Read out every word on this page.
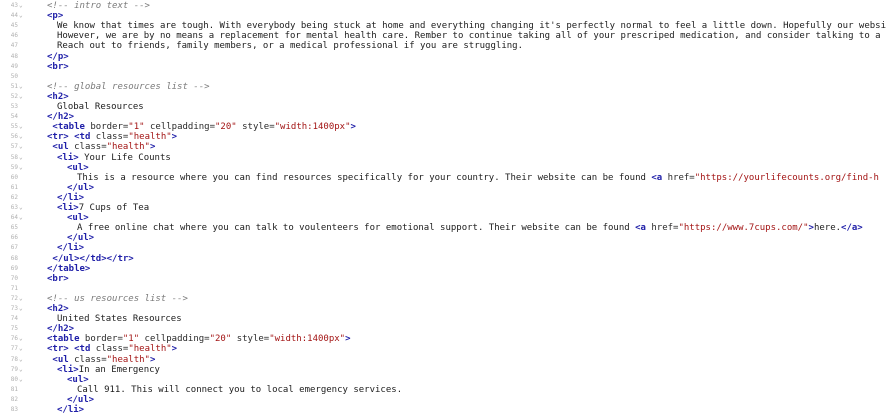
43 ⌄	<!-- intro text -->
44 ⌄	<p>
45	We know that times are tough. With everybody being stuck at home and everything changing it's perfectly normal to feel a little down. Hopefully our websi
46	However, we are by no means a replacement for mental health care. Rember to continue taking all of your prescriped medication, and consider talking to a
47	Reach out to friends, family members, or a medical professional if you are struggling.
48	</p>
49	<br>
50
51 ⌄	<!-- global resources list -->
52 ⌄	<h2>
53	Global Resources
54	</h2>
55 ⌄	<table border="1" cellpadding="20" style="width:1400px">
56 ⌄	<tr> <td class="health">
57 ⌄	<ul class="health">
58 ⌄	<li> Your Life Counts
59 ⌄	<ul>
60	This is a resource where you can find resources specifically for your country. Their website can be found <a href="https://yourlifecounts.org/find-h
61	</ul>
62	</li>
63 ⌄	<li>7 Cups of Tea
64 ⌄	<ul>
65	A free online chat where you can talk to voulenteers for emotional support. Their website can be found <a href="https://www.7cups.com/">here.</a>
66	</ul>
67	</li>
68	</ul></td></tr>
69	</table>
70	<br>
71
72 ⌄	<!-- us resources list -->
73 ⌄	<h2>
74	United States Resources
75	</h2>
76 ⌄	<table border="1" cellpadding="20" style="width:1400px">
77 ⌄	<tr> <td class="health">
78 ⌄	<ul class="health">
79 ⌄	<li>In an Emergency
80 ⌄	<ul>
81	Call 911. This will connect you to local emergency services.
82	</ul>
83	</li>
